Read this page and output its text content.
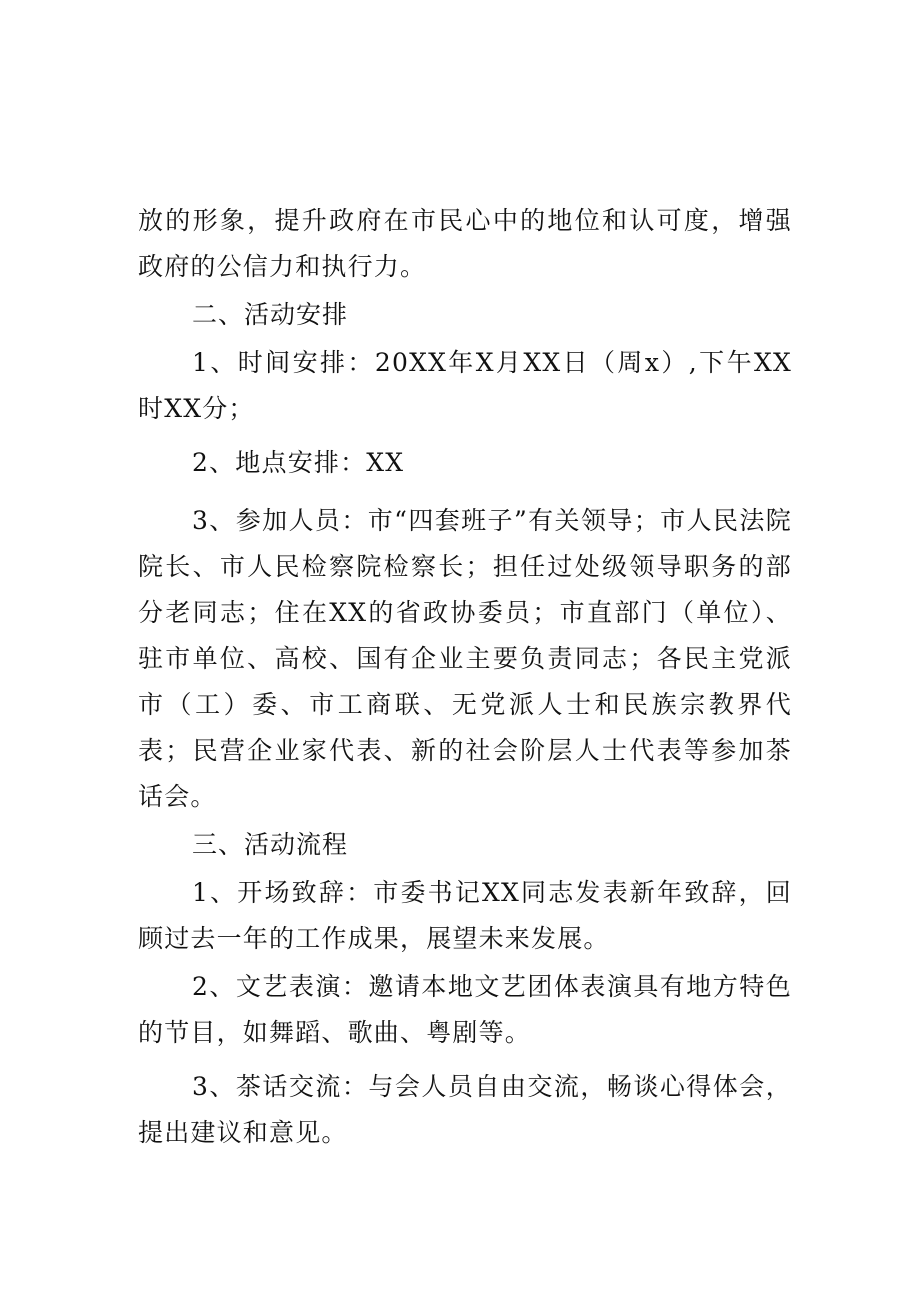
放的形象，提升政府在市民心中的地位和认可度，增强政府的公信力和执行力。

二、活动安排

1、时间安排：20XX年X月XX日（周x）,下午XX时XX分；

2、地点安排：XX

3、参加人员：市“四套班子”有关领导；市人民法院院长、市人民检察院检察长；担任过处级领导职务的部分老同志；住在XX的省政协委员；市直部门（单位）、驻市单位、高校、国有企业主要负责同志；各民主党派市（工）委、市工商联、无党派人士和民族宗教界代表；民营企业家代表、新的社会阶层人士代表等参加茶话会。

三、活动流程

1、开场致辞：市委书记XX同志发表新年致辞，回顾过去一年的工作成果，展望未来发展。

2、文艺表演：邀请本地文艺团体表演具有地方特色的节目，如舞蹈、歌曲、粤剧等。

3、茶话交流：与会人员自由交流，畅谈心得体会，提出建议和意见。
